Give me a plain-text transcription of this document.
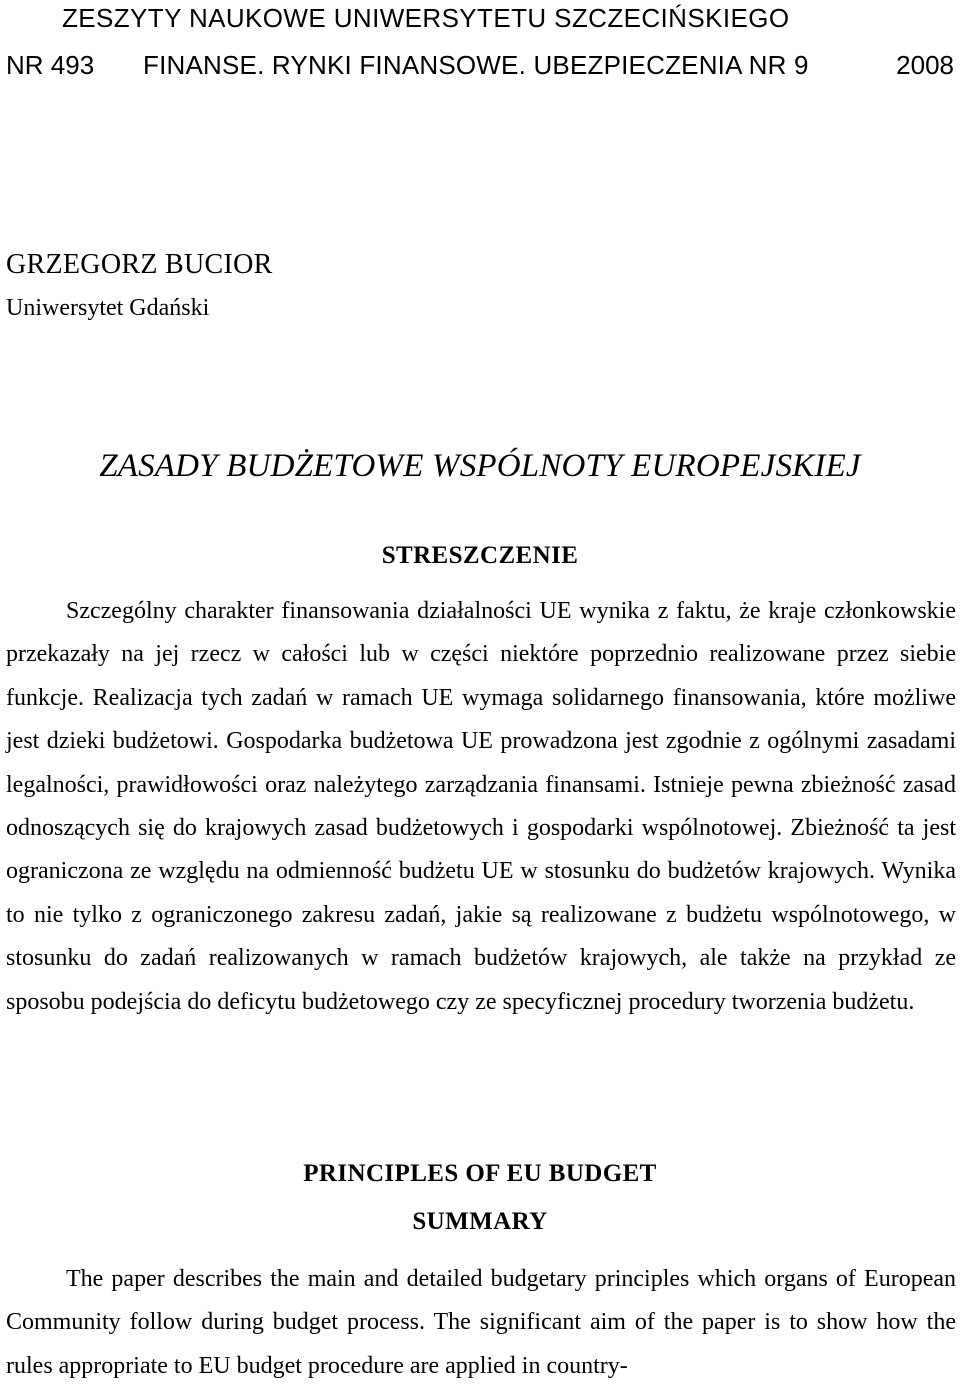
ZESZYTY NAUKOWE UNIWERSYTETU SZCZECIŃSKIEGO
NR 493 FINANSE. RYNKI FINANSOWE. UBEZPIECZENIA NR 9	2008
GRZEGORZ BUCIOR
Uniwersytet Gdański
ZASADY BUDŻETOWE WSPÓLNOTY EUROPEJSKIEJ
STRESZCZENIE

Szczególny charakter finansowania działalności UE wynika z faktu, że kraje członkowskie przekazały na jej rzecz w całości lub w części niektóre poprzednio realizowane przez siebie funkcje. Realizacja tych zadań w ramach UE wymaga solidarnego finansowania, które możliwe jest dzieki budżetowi. Gospodarka budżetowa UE prowadzona jest zgodnie z ogólnymi zasadami legalności, prawidłowości oraz należytego zarządzania finansami. Istnieje pewna zbieżność zasad odnoszących się do krajowych zasad budżetowych i gospodarki wspólnotowej. Zbieżność ta jest ograniczona ze względu na odmienność budżetu UE w stosunku do budżetów krajowych. Wynika to nie tylko z ograniczonego zakresu zadań, jakie są realizowane z budżetu wspólnotowego, w stosunku do zadań realizowanych w ramach budżetów krajowych, ale także na przykład ze sposobu podejścia do deficytu budżetowego czy ze specyficznej procedury tworzenia budżetu.

PRINCIPLES OF EU BUDGET
SUMMARY

The paper describes the main and detailed budgetary principles which organs of European Community follow during budget process. The significant aim of the paper is to show how the rules appropriate to EU budget procedure are applied in country-
